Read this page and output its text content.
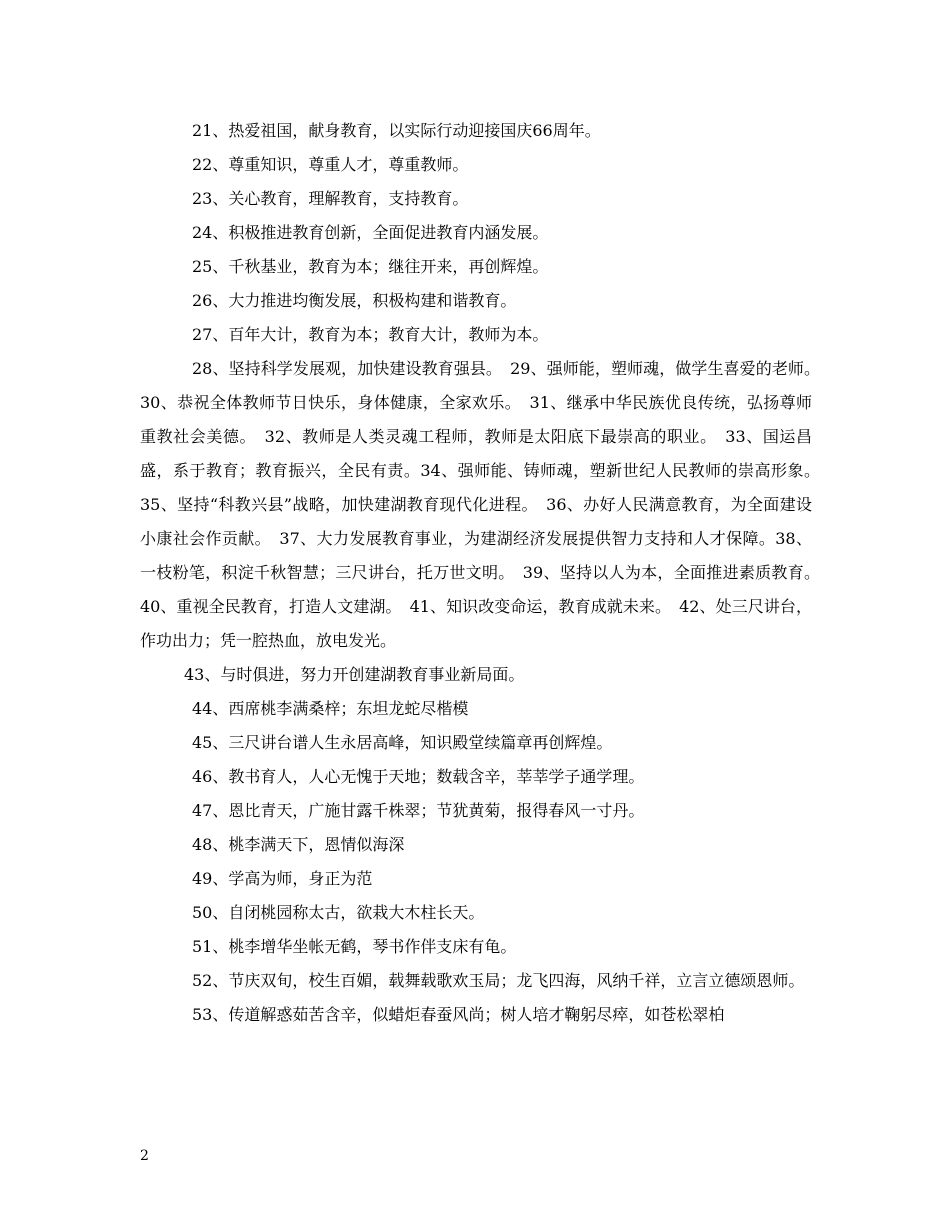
21、热爱祖国，献身教育，以实际行动迎接国庆66周年。

22、尊重知识，尊重人才，尊重教师。

23、关心教育，理解教育，支持教育。

24、积极推进教育创新，全面促进教育内涵发展。

25、千秋基业，教育为本；继往开来，再创辉煌。

26、大力推进均衡发展，积极构建和谐教育。

27、百年大计，教育为本；教育大计，教师为本。

28、坚持科学发展观，加快建设教育强县。　29、强师能，塑师魂，做学生喜爱的老师。　30、恭祝全体教师节日快乐，身体健康，全家欢乐。　31、继承中华民族优良传统，弘扬尊师重教社会美德。　32、教师是人类灵魂工程师，教师是太阳底下最崇高的职业。　33、国运昌盛，系于教育；教育振兴，全民有责。34、强师能、铸师魂，塑新世纪人民教师的崇高形象。　35、坚持“科教兴县”战略，加快建湖教育现代化进程。　36、办好人民满意教育，为全面建设小康社会作贡献。　37、大力发展教育事业，为建湖经济发展提供智力支持和人才保障。38、一枝粉笔，积淀千秋智慧；三尺讲台，托万世文明。　39、坚持以人为本，全面推进素质教育。　40、重视全民教育，打造人文建湖。　41、知识改变命运，教育成就未来。　42、处三尺讲台，作功出力；凭一腔热血，放电发光。

43、与时俱进，努力开创建湖教育事业新局面。

44、西席桃李满桑梓；东坦龙蛇尽楷模

45、三尺讲台谱人生永居高峰，知识殿堂续篇章再创辉煌。

46、教书育人，人心无愧于天地；数载含辛，莘莘学子通学理。

47、恩比青天，广施甘露千株翠；节犹黄菊，报得春风一寸丹。

48、桃李满天下，恩情似海深

49、学高为师，身正为范

50、自闭桃园称太古，欲栽大木柱长天。

51、桃李增华坐帐无鹤，琴书作伴支床有龟。

52、节庆双旬，校生百媚，载舞载歌欢玉局；龙飞四海，风纳千祥，立言立德颂恩师。

53、传道解惑茹苦含辛，似蜡炬春蚕风尚；树人培才鞠躬尽瘁，如苍松翠柏

2
